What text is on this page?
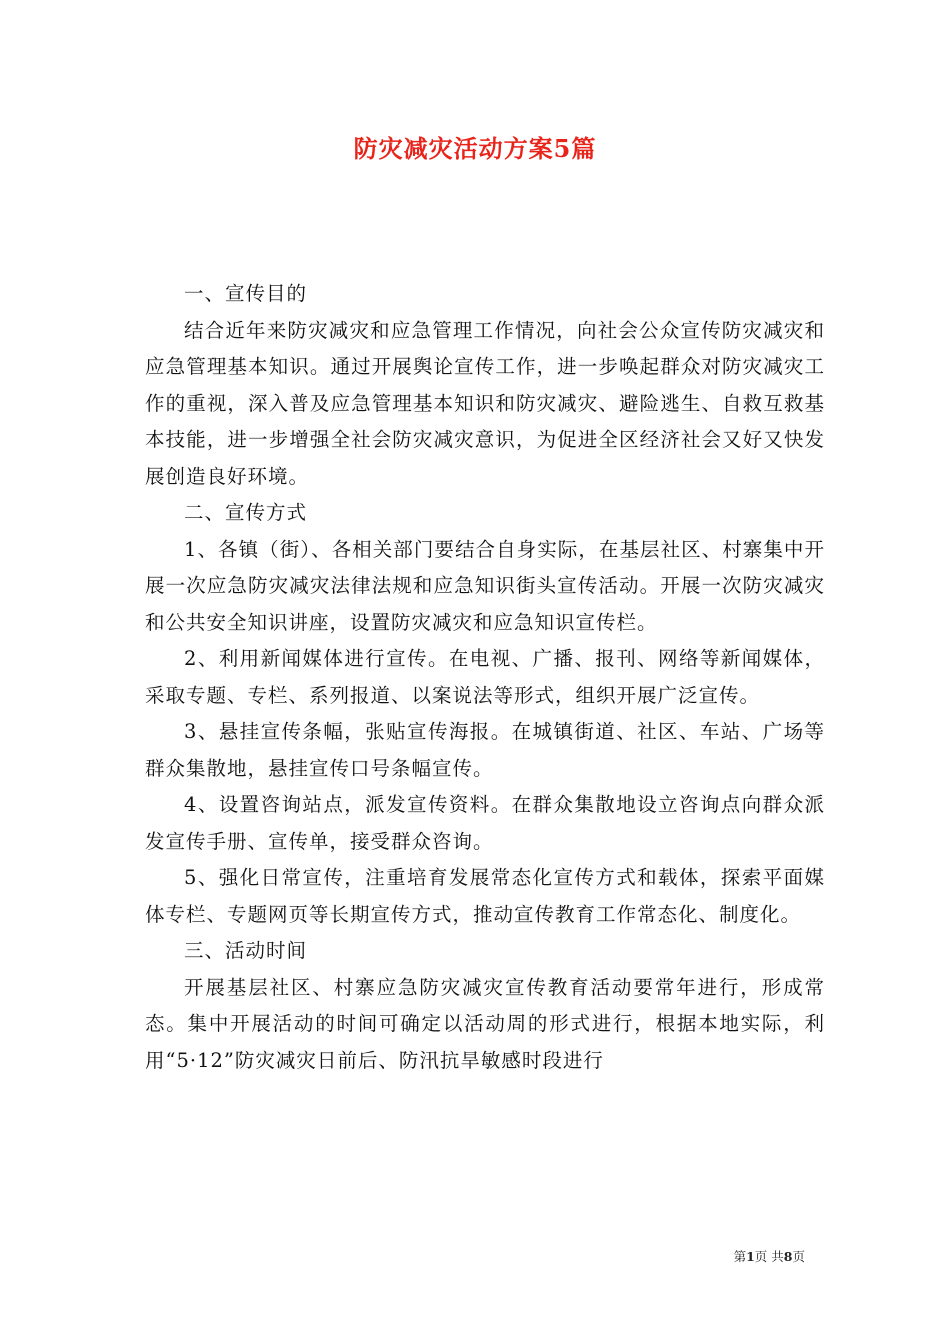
防灾减灾活动方案5篇

一、宣传目的

结合近年来防灾减灾和应急管理工作情况，向社会公众宣传防灾减灾和应急管理基本知识。通过开展舆论宣传工作，进一步唤起群众对防灾减灾工作的重视，深入普及应急管理基本知识和防灾减灾、避险逃生、自救互救基本技能，进一步增强全社会防灾减灾意识，为促进全区经济社会又好又快发展创造良好环境。

二、宣传方式

1、各镇（街）、各相关部门要结合自身实际，在基层社区、村寨集中开展一次应急防灾减灾法律法规和应急知识街头宣传活动。开展一次防灾减灾和公共安全知识讲座，设置防灾减灾和应急知识宣传栏。

2、利用新闻媒体进行宣传。在电视、广播、报刊、网络等新闻媒体，采取专题、专栏、系列报道、以案说法等形式，组织开展广泛宣传。

3、悬挂宣传条幅，张贴宣传海报。在城镇街道、社区、车站、广场等群众集散地，悬挂宣传口号条幅宣传。

4、设置咨询站点，派发宣传资料。在群众集散地设立咨询点向群众派发宣传手册、宣传单，接受群众咨询。

5、强化日常宣传，注重培育发展常态化宣传方式和载体，探索平面媒体专栏、专题网页等长期宣传方式，推动宣传教育工作常态化、制度化。

三、活动时间

开展基层社区、村寨应急防灾减灾宣传教育活动要常年进行，形成常态。集中开展活动的时间可确定以活动周的形式进行，根据本地实际，利用“5·12”防灾减灾日前后、防汛抗旱敏感时段进行

第1页 共8页
